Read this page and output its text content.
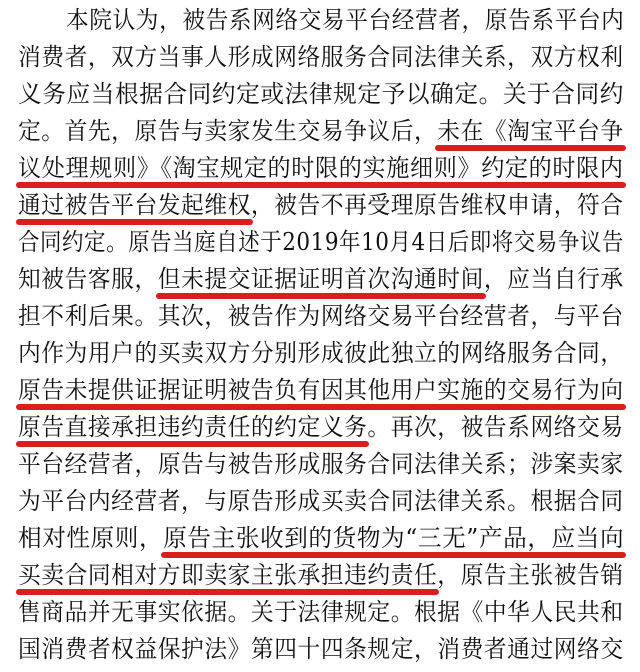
本院认为，被告系网络交易平台经营者，原告系平台内
消费者，双方当事人形成网络服务合同法律关系，双方权利
义务应当根据合同约定或法律规定予以确定。关于合同约
定。首先，原告与卖家发生交易争议后，未在《淘宝平台争
议处理规则》《淘宝规定的时限的实施细则》约定的时限内
通过被告平台发起维权，被告不再受理原告维权申请，符合
合同约定。原告当庭自述于2019年10月4日后即将交易争议告
知被告客服，但未提交证据证明首次沟通时间，应当自行承
担不利后果。其次，被告作为网络交易平台经营者，与平台
内作为用户的买卖双方分别形成彼此独立的网络服务合同，
原告未提供证据证明被告负有因其他用户实施的交易行为向
原告直接承担违约责任的约定义务。再次，被告系网络交易
平台经营者，原告与被告形成服务合同法律关系；涉案卖家
为平台内经营者，与原告形成买卖合同法律关系。根据合同
相对性原则，原告主张收到的货物为“三无”产品，应当向
买卖合同相对方即卖家主张承担违约责任，原告主张被告销
售商品并无事实依据。关于法律规定。根据《中华人民共和
国消费者权益保护法》第四十四条规定，消费者通过网络交
